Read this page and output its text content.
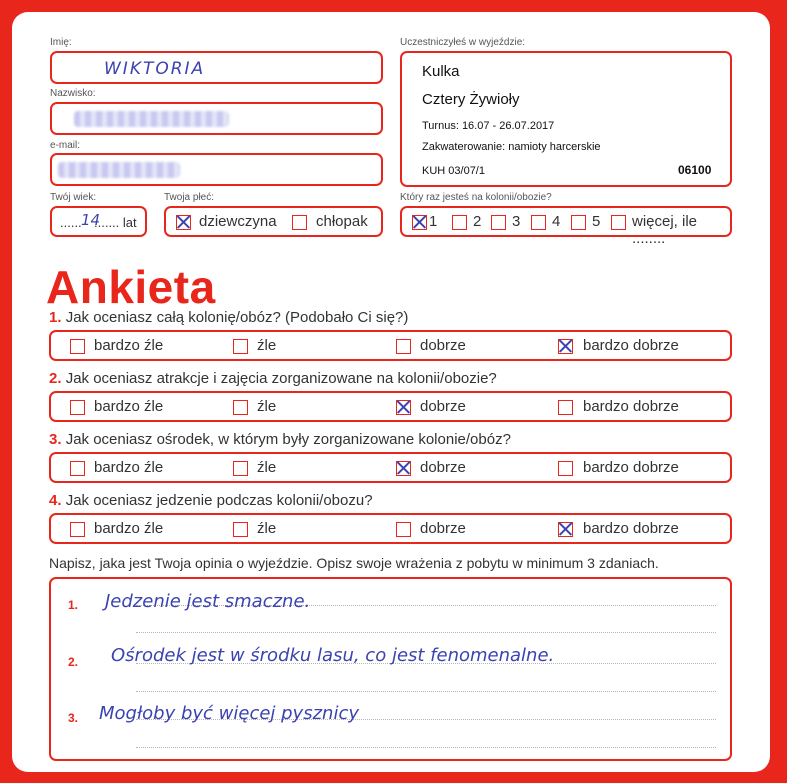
Imię:
WIKTORIA
Nazwisko:
e-mail:
Twój wiek:
...... 14
....... lat
Twoja płeć:
dziewczyna	chłopak
Uczestniczyłeś w wyjeździe:
Kulka
Cztery Żywioły
Turnus: 16.07 - 26.07.2017
Zakwaterowanie: namioty harcerskie
KUH 03/07/1	06100
Który raz jesteś na kolonii/obozie?
1 2 3 4 5 więcej, ile ........
Ankieta
1. Jak oceniasz całą kolonię/obóz? (Podobało Ci się?)
bardzo źle	źle	dobrze	bardzo dobrze
2. Jak oceniasz atrakcje i zajęcia zorganizowane na kolonii/obozie?
bardzo źle	źle	dobrze	bardzo dobrze
3. Jak oceniasz ośrodek, w którym były zorganizowane kolonie/obóz?
bardzo źle	źle	dobrze	bardzo dobrze
4. Jak oceniasz jedzenie podczas kolonii/obozu?
bardzo źle	źle	dobrze	bardzo dobrze
Napisz, jaka jest Twoja opinia o wyjeździe. Opisz swoje wrażenia z pobytu w minimum 3 zdaniach.
1. Jedzenie jest smaczne.
2. Ośrodek jest w środku lasu, co jest fenomenalne.
3. Mogłoby być więcej pysznicy
